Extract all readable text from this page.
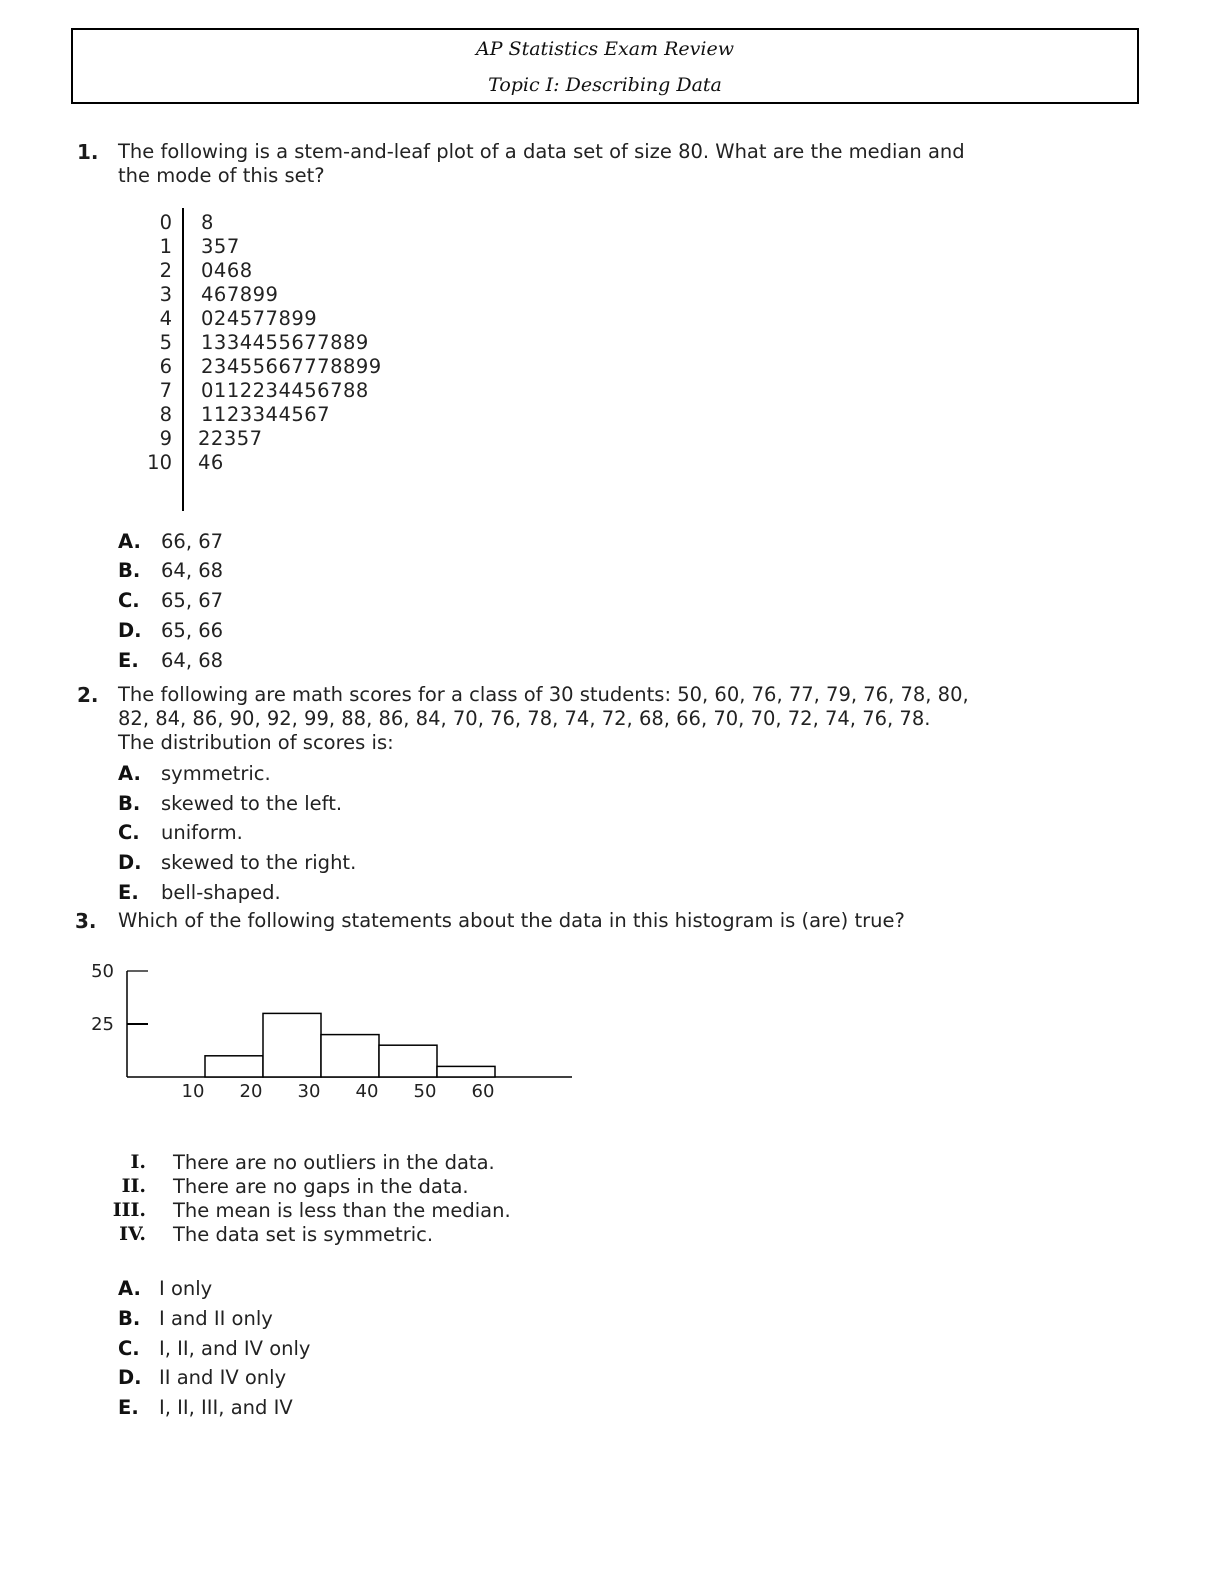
AP Statistics Exam Review
Topic I: Describing Data
1. The following is a stem-and-leaf plot of a data set of size 80. What are the median and the mode of this set?
0 8
1 357
2 0468
3 467899
4 024577899
5 1334455677889
6 23455667778899
7 0112234456788
8 1123344567
9 22357
10 46
A. 66, 67
B. 64, 68
C. 65, 67
D. 65, 66
E. 64, 68
2. The following are math scores for a class of 30 students: 50, 60, 76, 77, 79, 76, 78, 80,
82, 84, 86, 90, 92, 99, 88, 86, 84, 70, 76, 78, 74, 72, 68, 66, 70, 70, 72, 74, 76, 78.
The distribution of scores is:
A. symmetric.
B. skewed to the left.
C. uniform.
D. skewed to the right.
E. bell-shaped.
3. Which of the following statements about the data in this histogram is (are) true?
50
25
10 20 30 40 50 60
I. There are no outliers in the data.
II. There are no gaps in the data.
III. The mean is less than the median.
IV. The data set is symmetric.
A. I only
B. I and II only
C. I, II, and IV only
D. II and IV only
E. I, II, III, and IV
